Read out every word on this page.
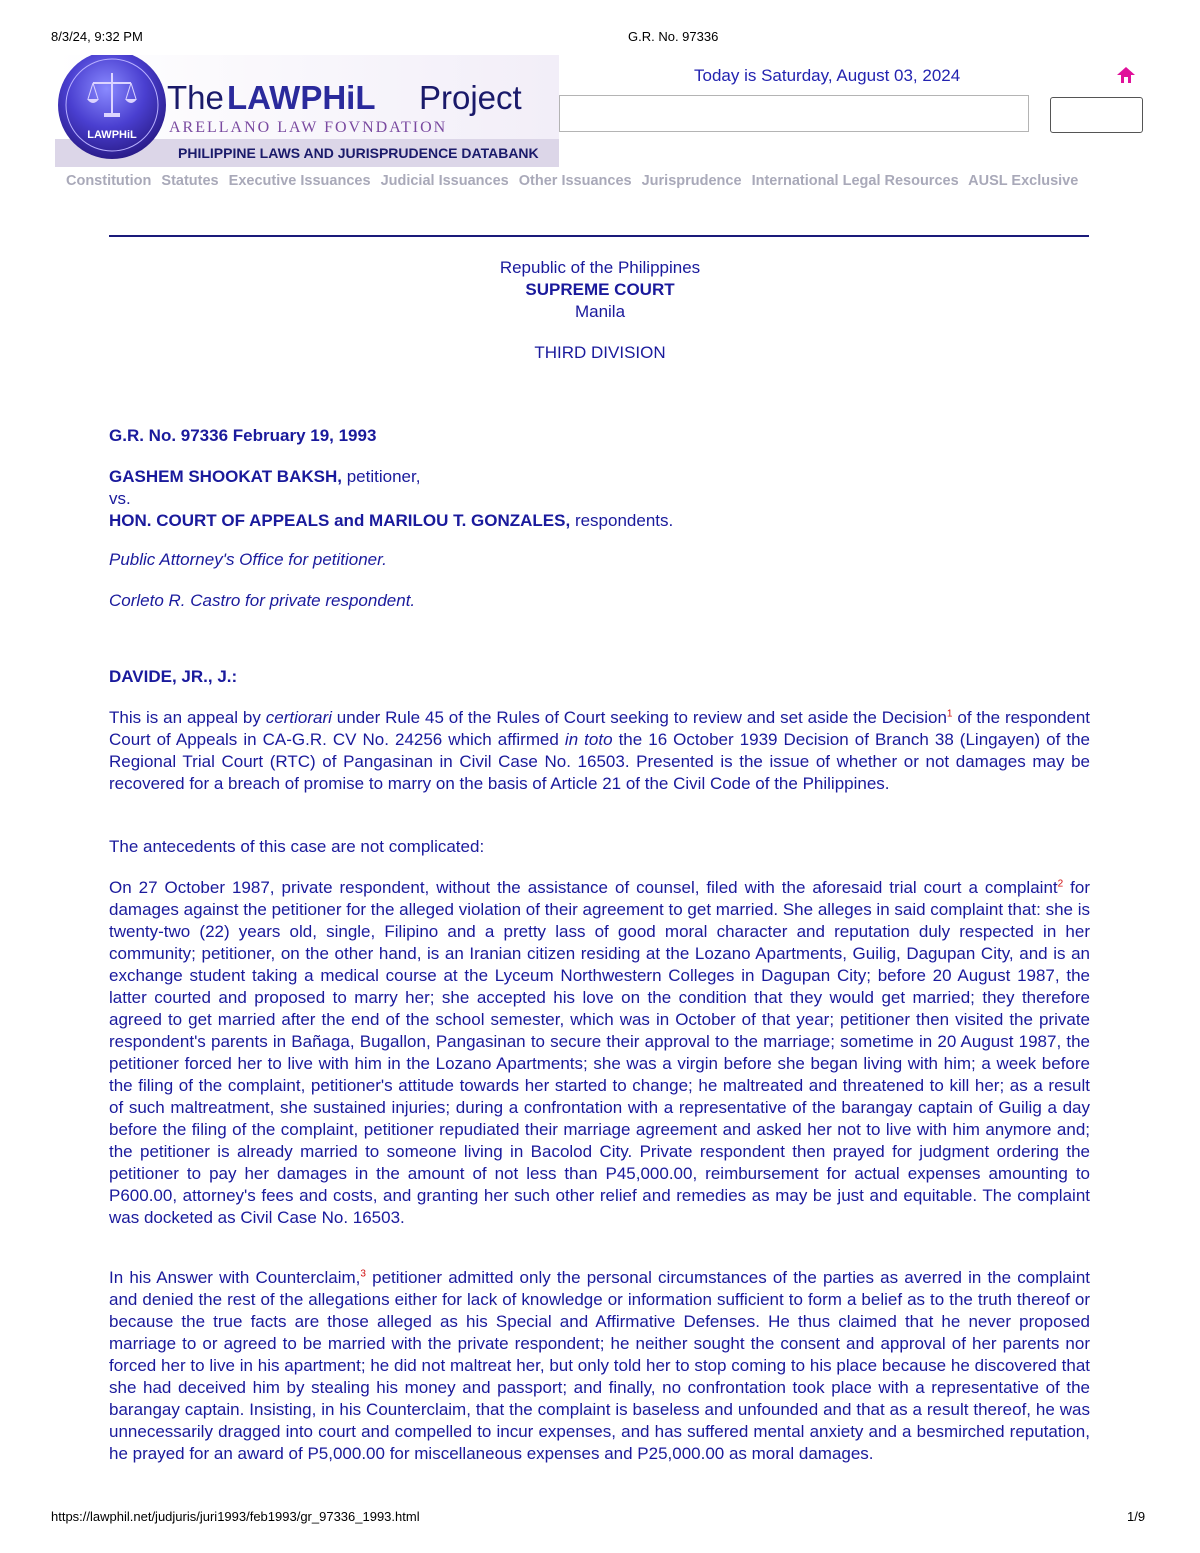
8/3/24, 9:32 PM	G.R. No. 97336
LAWPHiL
The LAWPHiL Project
ARELLANO LAW FOVNDATION
PHILIPPINE LAWS AND JURISPRUDENCE DATABANK
Today is Saturday, August 03, 2024
Constitution Statutes Executive Issuances Judicial Issuances Other Issuances Jurisprudence International Legal Resources AUSL Exclusive
Republic of the Philippines
SUPREME COURT
Manila
THIRD DIVISION
G.R. No. 97336 February 19, 1993
GASHEM SHOOKAT BAKSH, petitioner,
vs.
HON. COURT OF APPEALS and MARILOU T. GONZALES, respondents.
Public Attorney's Office for petitioner.
Corleto R. Castro for private respondent.
DAVIDE, JR., J.:
This is an appeal by certiorari under Rule 45 of the Rules of Court seeking to review and set aside the Decision$^1$ of the respondent Court of Appeals in CA-G.R. CV No. 24256 which affirmed in toto the 16 October 1939 Decision of Branch 38 (Lingayen) of the Regional Trial Court (RTC) of Pangasinan in Civil Case No. 16503. Presented is the issue of whether or not damages may be recovered for a breach of promise to marry on the basis of Article 21 of the Civil Code of the Philippines.
The antecedents of this case are not complicated:
On 27 October 1987, private respondent, without the assistance of counsel, filed with the aforesaid trial court a complaint$^2$ for damages against the petitioner for the alleged violation of their agreement to get married. She alleges in said complaint that: she is twenty-two (22) years old, single, Filipino and a pretty lass of good moral character and reputation duly respected in her community; petitioner, on the other hand, is an Iranian citizen residing at the Lozano Apartments, Guilig, Dagupan City, and is an exchange student taking a medical course at the Lyceum Northwestern Colleges in Dagupan City; before 20 August 1987, the latter courted and proposed to marry her; she accepted his love on the condition that they would get married; they therefore agreed to get married after the end of the school semester, which was in October of that year; petitioner then visited the private respondent's parents in Bañaga, Bugallon, Pangasinan to secure their approval to the marriage; sometime in 20 August 1987, the petitioner forced her to live with him in the Lozano Apartments; she was a virgin before she began living with him; a week before the filing of the complaint, petitioner's attitude towards her started to change; he maltreated and threatened to kill her; as a result of such maltreatment, she sustained injuries; during a confrontation with a representative of the barangay captain of Guilig a day before the filing of the complaint, petitioner repudiated their marriage agreement and asked her not to live with him anymore and; the petitioner is already married to someone living in Bacolod City. Private respondent then prayed for judgment ordering the petitioner to pay her damages in the amount of not less than P45,000.00, reimbursement for actual expenses amounting to P600.00, attorney's fees and costs, and granting her such other relief and remedies as may be just and equitable. The complaint was docketed as Civil Case No. 16503.
In his Answer with Counterclaim,$^3$ petitioner admitted only the personal circumstances of the parties as averred in the complaint and denied the rest of the allegations either for lack of knowledge or information sufficient to form a belief as to the truth thereof or because the true facts are those alleged as his Special and Affirmative Defenses. He thus claimed that he never proposed marriage to or agreed to be married with the private respondent; he neither sought the consent and approval of her parents nor forced her to live in his apartment; he did not maltreat her, but only told her to stop coming to his place because he discovered that she had deceived him by stealing his money and passport; and finally, no confrontation took place with a representative of the barangay captain. Insisting, in his Counterclaim, that the complaint is baseless and unfounded and that as a result thereof, he was unnecessarily dragged into court and compelled to incur expenses, and has suffered mental anxiety and a besmirched reputation, he prayed for an award of P5,000.00 for miscellaneous expenses and P25,000.00 as moral damages.
https://lawphil.net/judjuris/juri1993/feb1993/gr_97336_1993.html	1/9
